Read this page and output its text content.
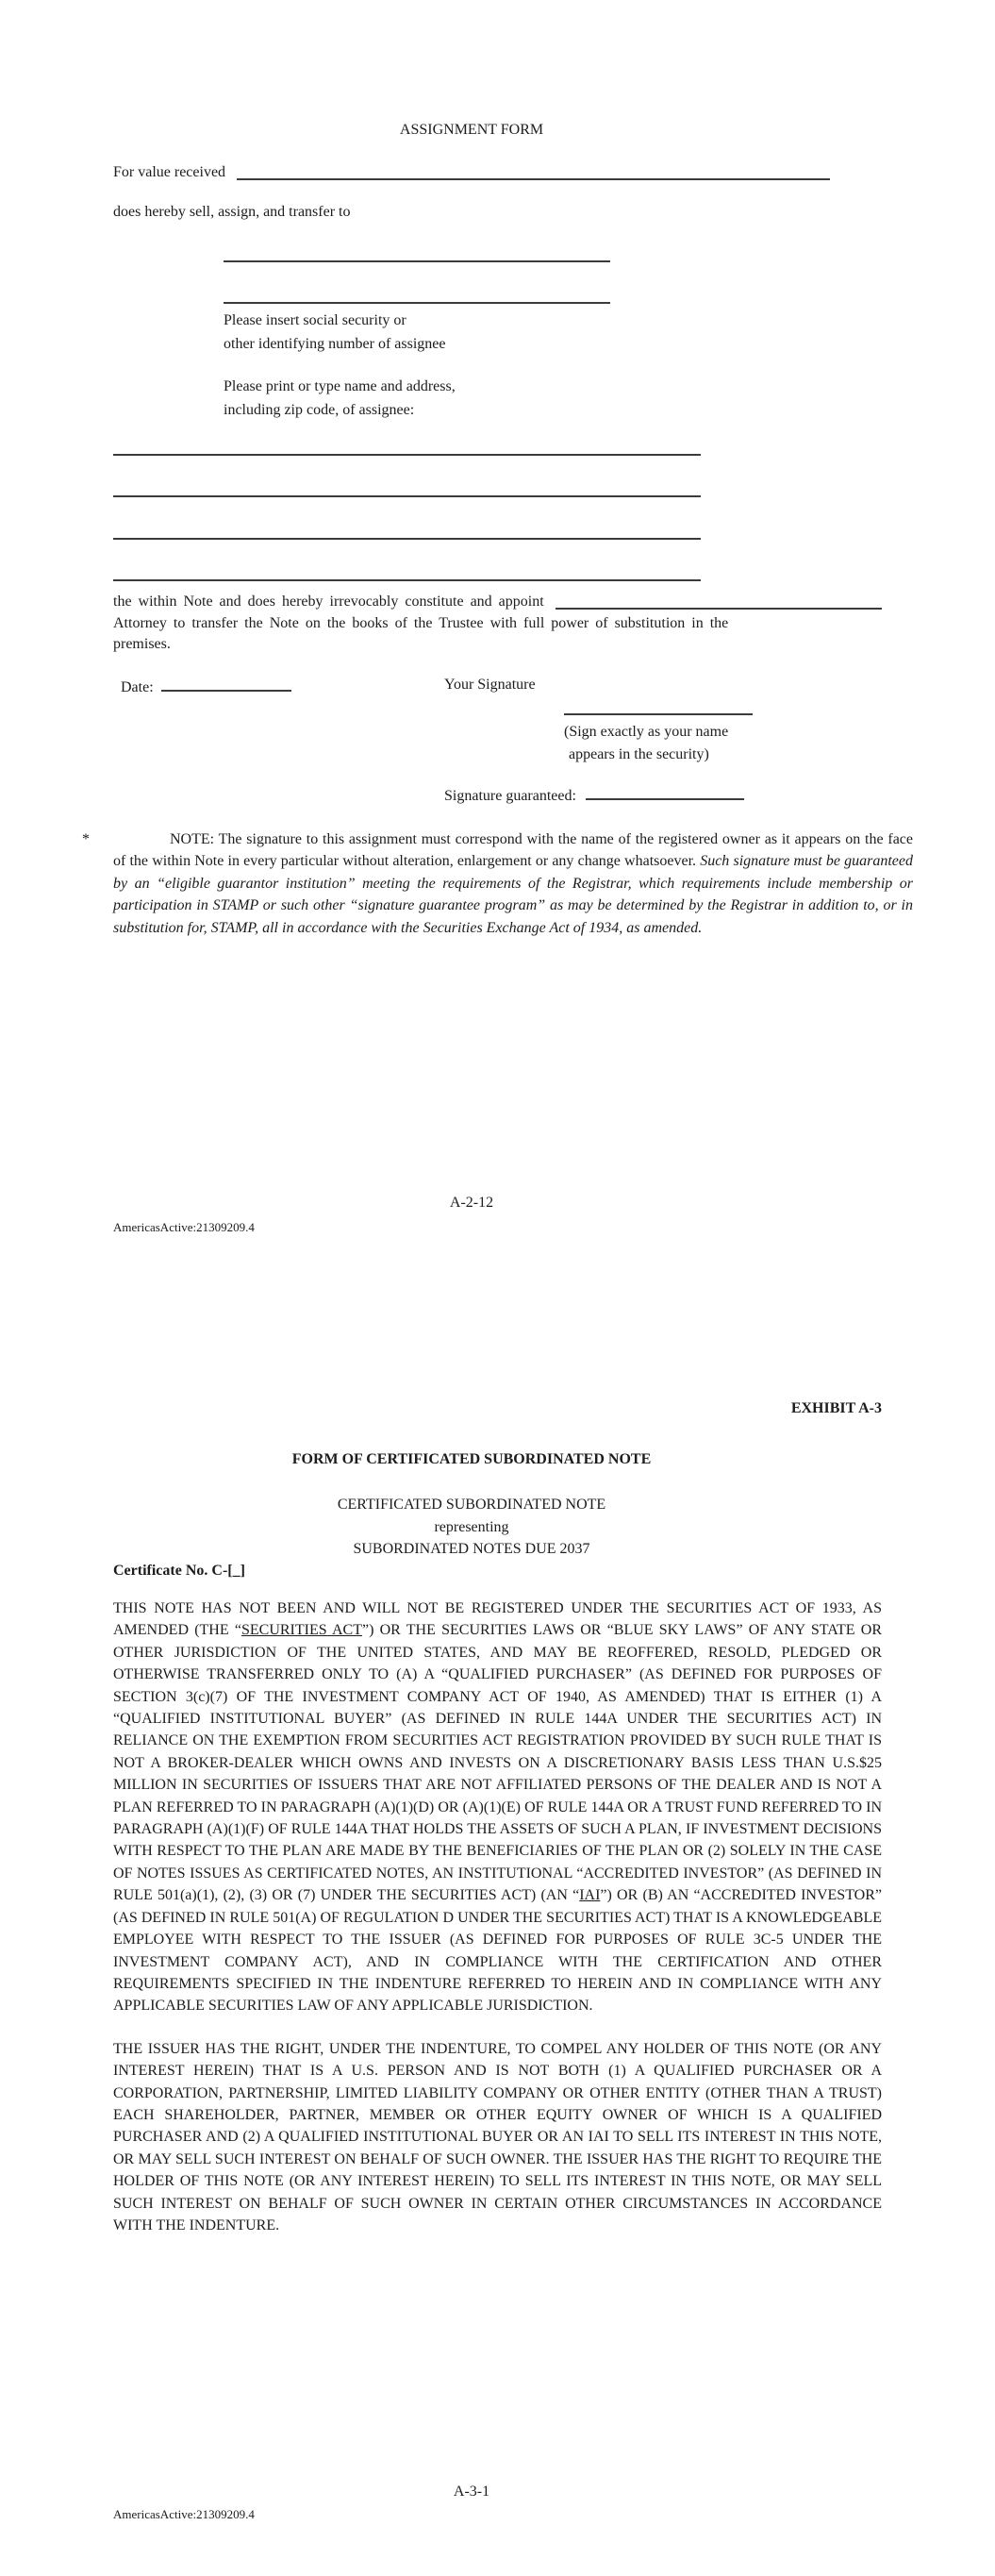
ASSIGNMENT FORM
For value received
does hereby sell, assign, and transfer to
Please insert social security or
other identifying number of assignee
Please print or type name and address,
including zip code, of assignee:
the within Note and does hereby irrevocably constitute and appoint
Attorney to transfer the Note on the books of the Trustee with full power of substitution in the
premises.
Date:	Your Signature
(Sign exactly as your name
appears in the security)
Signature guaranteed:
*	NOTE: The signature to this assignment must correspond with the name of the registered owner as it appears on the face of the within Note in every particular without alteration, enlargement or any change whatsoever. Such signature must be guaranteed by an “eligible guarantor institution” meeting the requirements of the Registrar, which requirements include membership or participation in STAMP or such other “signature guarantee program” as may be determined by the Registrar in addition to, or in substitution for, STAMP, all in accordance with the Securities Exchange Act of 1934, as amended.
A-2-12
AmericasActive:21309209.4
EXHIBIT A-3
FORM OF CERTIFICATED SUBORDINATED NOTE
CERTIFICATED SUBORDINATED NOTE
representing
SUBORDINATED NOTES DUE 2037
Certificate No. C-[_]

THIS NOTE HAS NOT BEEN AND WILL NOT BE REGISTERED UNDER THE SECURITIES ACT OF 1933, AS AMENDED (THE “SECURITIES ACT”) OR THE SECURITIES LAWS OR “BLUE SKY LAWS” OF ANY STATE OR OTHER JURISDICTION OF THE UNITED STATES, AND MAY BE REOFFERED, RESOLD, PLEDGED OR OTHERWISE TRANSFERRED ONLY TO (A) A “QUALIFIED PURCHASER” (AS DEFINED FOR PURPOSES OF SECTION 3(c)(7) OF THE INVESTMENT COMPANY ACT OF 1940, AS AMENDED) THAT IS EITHER (1) A “QUALIFIED INSTITUTIONAL BUYER” (AS DEFINED IN RULE 144A UNDER THE SECURITIES ACT) IN RELIANCE ON THE EXEMPTION FROM SECURITIES ACT REGISTRATION PROVIDED BY SUCH RULE THAT IS NOT A BROKER-DEALER WHICH OWNS AND INVESTS ON A DISCRETIONARY BASIS LESS THAN U.S.$25 MILLION IN SECURITIES OF ISSUERS THAT ARE NOT AFFILIATED PERSONS OF THE DEALER AND IS NOT A PLAN REFERRED TO IN PARAGRAPH (A)(1)(D) OR (A)(1)(E) OF RULE 144A OR A TRUST FUND REFERRED TO IN PARAGRAPH (A)(1)(F) OF RULE 144A THAT HOLDS THE ASSETS OF SUCH A PLAN, IF INVESTMENT DECISIONS WITH RESPECT TO THE PLAN ARE MADE BY THE BENEFICIARIES OF THE PLAN OR (2) SOLELY IN THE CASE OF NOTES ISSUES AS CERTIFICATED NOTES, AN INSTITUTIONAL “ACCREDITED INVESTOR” (AS DEFINED IN RULE 501(a)(1), (2), (3) OR (7) UNDER THE SECURITIES ACT) (AN “IAI”) OR (B) AN “ACCREDITED INVESTOR” (AS DEFINED IN RULE 501(A) OF REGULATION D UNDER THE SECURITIES ACT) THAT IS A KNOWLEDGEABLE EMPLOYEE WITH RESPECT TO THE ISSUER (AS DEFINED FOR PURPOSES OF RULE 3C-5 UNDER THE INVESTMENT COMPANY ACT), AND IN COMPLIANCE WITH THE CERTIFICATION AND OTHER REQUIREMENTS SPECIFIED IN THE INDENTURE REFERRED TO HEREIN AND IN COMPLIANCE WITH ANY APPLICABLE SECURITIES LAW OF ANY APPLICABLE JURISDICTION.

THE ISSUER HAS THE RIGHT, UNDER THE INDENTURE, TO COMPEL ANY HOLDER OF THIS NOTE (OR ANY INTEREST HEREIN) THAT IS A U.S. PERSON AND IS NOT BOTH (1) A QUALIFIED PURCHASER OR A CORPORATION, PARTNERSHIP, LIMITED LIABILITY COMPANY OR OTHER ENTITY (OTHER THAN A TRUST) EACH SHAREHOLDER, PARTNER, MEMBER OR OTHER EQUITY OWNER OF WHICH IS A QUALIFIED PURCHASER AND (2) A QUALIFIED INSTITUTIONAL BUYER OR AN IAI TO SELL ITS INTEREST IN THIS NOTE, OR MAY SELL SUCH INTEREST ON BEHALF OF SUCH OWNER. THE ISSUER HAS THE RIGHT TO REQUIRE THE HOLDER OF THIS NOTE (OR ANY INTEREST HEREIN) TO SELL ITS INTEREST IN THIS NOTE, OR MAY SELL SUCH INTEREST ON BEHALF OF SUCH OWNER IN CERTAIN OTHER CIRCUMSTANCES IN ACCORDANCE WITH THE INDENTURE.

A-3-1
AmericasActive:21309209.4
